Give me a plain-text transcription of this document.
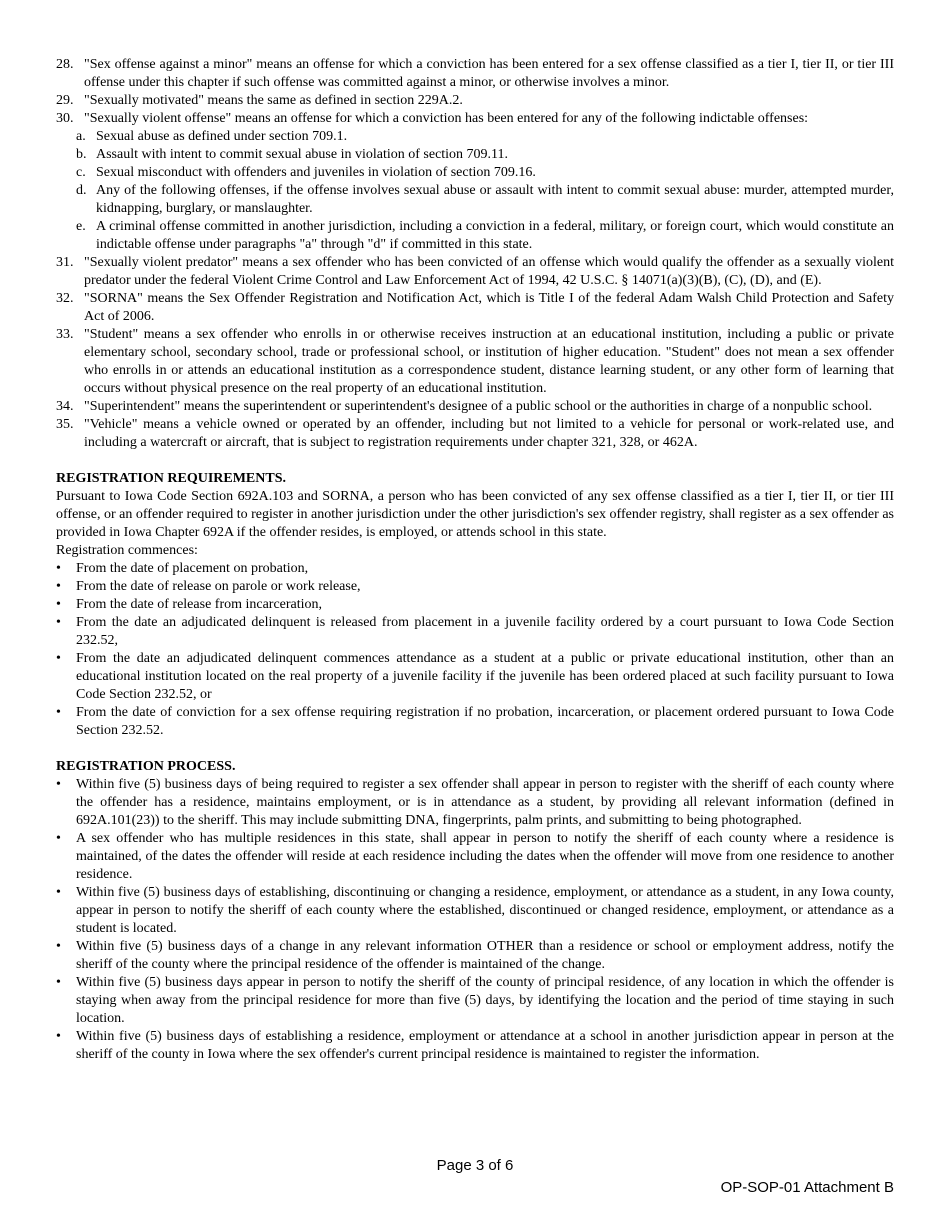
28. "Sex offense against a minor" means an offense for which a conviction has been entered for a sex offense classified as a tier I, tier II, or tier III offense under this chapter if such offense was committed against a minor, or otherwise involves a minor.
29. "Sexually motivated" means the same as defined in section 229A.2.
30. "Sexually violent offense" means an offense for which a conviction has been entered for any of the following indictable offenses:
a. Sexual abuse as defined under section 709.1.
b. Assault with intent to commit sexual abuse in violation of section 709.11.
c. Sexual misconduct with offenders and juveniles in violation of section 709.16.
d. Any of the following offenses, if the offense involves sexual abuse or assault with intent to commit sexual abuse: murder, attempted murder, kidnapping, burglary, or manslaughter.
e. A criminal offense committed in another jurisdiction, including a conviction in a federal, military, or foreign court, which would constitute an indictable offense under paragraphs "a" through "d" if committed in this state.
31. "Sexually violent predator" means a sex offender who has been convicted of an offense which would qualify the offender as a sexually violent predator under the federal Violent Crime Control and Law Enforcement Act of 1994, 42 U.S.C. § 14071(a)(3)(B), (C), (D), and (E).
32. "SORNA" means the Sex Offender Registration and Notification Act, which is Title I of the federal Adam Walsh Child Protection and Safety Act of 2006.
33. "Student" means a sex offender who enrolls in or otherwise receives instruction at an educational institution, including a public or private elementary school, secondary school, trade or professional school, or institution of higher education. "Student" does not mean a sex offender who enrolls in or attends an educational institution as a correspondence student, distance learning student, or any other form of learning that occurs without physical presence on the real property of an educational institution.
34. "Superintendent" means the superintendent or superintendent's designee of a public school or the authorities in charge of a nonpublic school.
35. "Vehicle" means a vehicle owned or operated by an offender, including but not limited to a vehicle for personal or work-related use, and including a watercraft or aircraft, that is subject to registration requirements under chapter 321, 328, or 462A.
REGISTRATION REQUIREMENTS.
Pursuant to Iowa Code Section 692A.103 and SORNA, a person who has been convicted of any sex offense classified as a tier I, tier II, or tier III offense, or an offender required to register in another jurisdiction under the other jurisdiction's sex offender registry, shall register as a sex offender as provided in Iowa Chapter 692A if the offender resides, is employed, or attends school in this state.
Registration commences:
• From the date of placement on probation,
• From the date of release on parole or work release,
• From the date of release from incarceration,
• From the date an adjudicated delinquent is released from placement in a juvenile facility ordered by a court pursuant to Iowa Code Section 232.52,
• From the date an adjudicated delinquent commences attendance as a student at a public or private educational institution, other than an educational institution located on the real property of a juvenile facility if the juvenile has been ordered placed at such facility pursuant to Iowa Code Section 232.52, or
• From the date of conviction for a sex offense requiring registration if no probation, incarceration, or placement ordered pursuant to Iowa Code Section 232.52.
REGISTRATION PROCESS.
• Within five (5) business days of being required to register a sex offender shall appear in person to register with the sheriff of each county where the offender has a residence, maintains employment, or is in attendance as a student, by providing all relevant information (defined in 692A.101(23)) to the sheriff. This may include submitting DNA, fingerprints, palm prints, and submitting to being photographed.
• A sex offender who has multiple residences in this state, shall appear in person to notify the sheriff of each county where a residence is maintained, of the dates the offender will reside at each residence including the dates when the offender will move from one residence to another residence.
• Within five (5) business days of establishing, discontinuing or changing a residence, employment, or attendance as a student, in any Iowa county, appear in person to notify the sheriff of each county where the established, discontinued or changed residence, employment, or attendance as a student is located.
• Within five (5) business days of a change in any relevant information OTHER than a residence or school or employment address, notify the sheriff of the county where the principal residence of the offender is maintained of the change.
• Within five (5) business days appear in person to notify the sheriff of the county of principal residence, of any location in which the offender is staying when away from the principal residence for more than five (5) days, by identifying the location and the period of time staying in such location.
• Within five (5) business days of establishing a residence, employment or attendance at a school in another jurisdiction appear in person at the sheriff of the county in Iowa where the sex offender's current principal residence is maintained to register the information.
Page 3 of 6
OP-SOP-01 Attachment B
